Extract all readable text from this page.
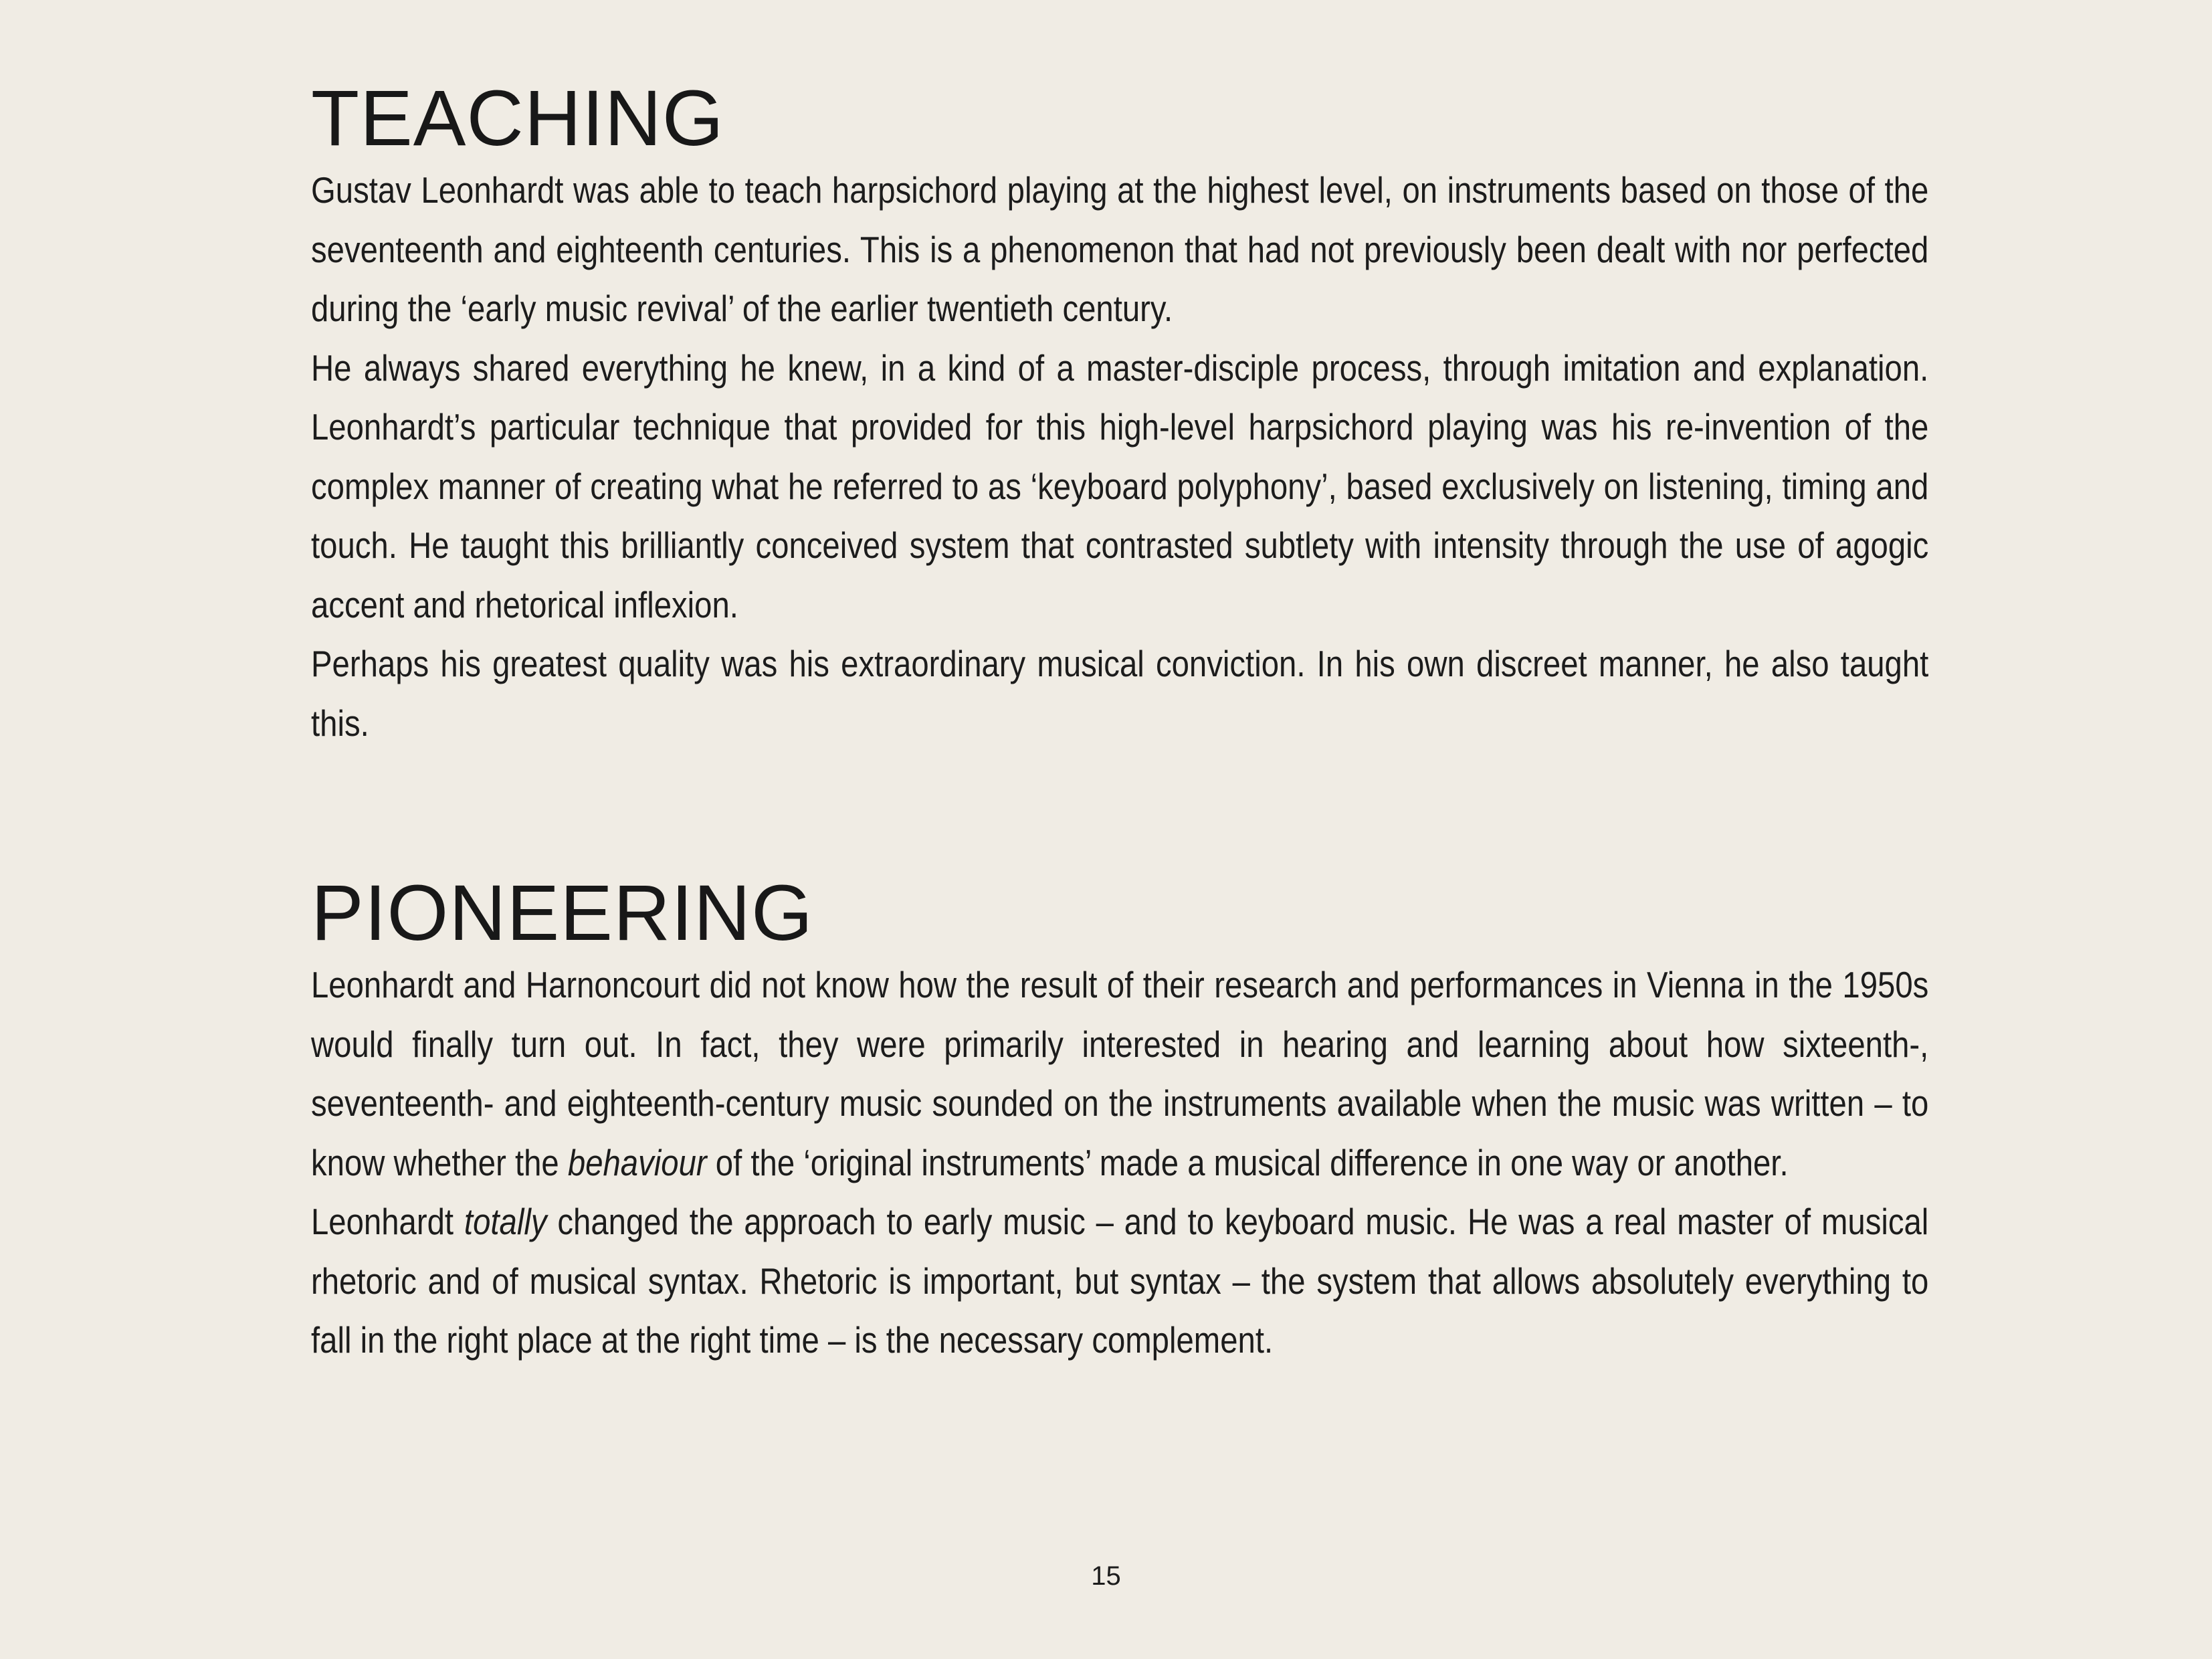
TEACHING

Gustav Leonhardt was able to teach harpsichord playing at the highest level, on instruments based on those of the seventeenth and eighteenth centuries. This is a phenomenon that had not previously been dealt with nor perfected during the ‘early music revival’ of the earlier twentieth century.

He always shared everything he knew, in a kind of a master-disciple process, through imitation and explanation. Leonhardt’s particular technique that provided for this high-level harpsichord playing was his re-invention of the complex manner of creating what he referred to as ‘keyboard polyphony’, based exclusively on listening, timing and touch. He taught this brilliantly conceived system that contrasted subtlety with intensity through the use of agogic accent and rhetorical inflexion.

Perhaps his greatest quality was his extraordinary musical conviction. In his own discreet manner, he also taught this.

PIONEERING

Leonhardt and Harnoncourt did not know how the result of their research and performances in Vienna in the 1950s would finally turn out. In fact, they were primarily interested in hearing and learning about how sixteenth-, seventeenth- and eighteenth-century music sounded on the instruments available when the music was written – to know whether the behaviour of the ‘original instruments’ made a musical difference in one way or another.

Leonhardt totally changed the approach to early music – and to keyboard music. He was a real master of musical rhetoric and of musical syntax. Rhetoric is important, but syntax – the system that allows absolutely everything to fall in the right place at the right time – is the necessary complement.

15
